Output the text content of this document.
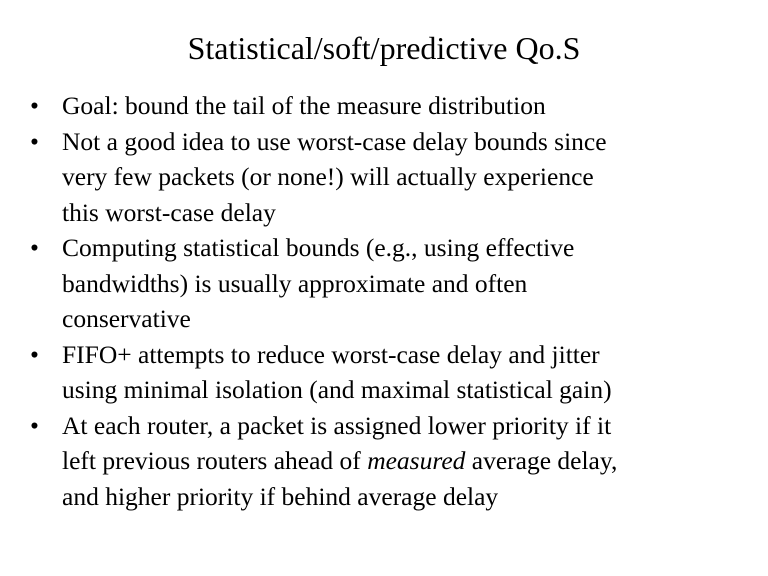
Statistical/soft/predictive Qo.S
• Goal: bound the tail of the measure distribution
• Not a good idea to use worst-case delay bounds since
very few packets (or none!) will actually experience
this worst-case delay
• Computing statistical bounds (e.g., using effective
bandwidths) is usually approximate and often
conservative
• FIFO+ attempts to reduce worst-case delay and jitter
using minimal isolation (and maximal statistical gain)
• At each router, a packet is assigned lower priority if it
left previous routers ahead of measured average delay,
and higher priority if behind average delay
